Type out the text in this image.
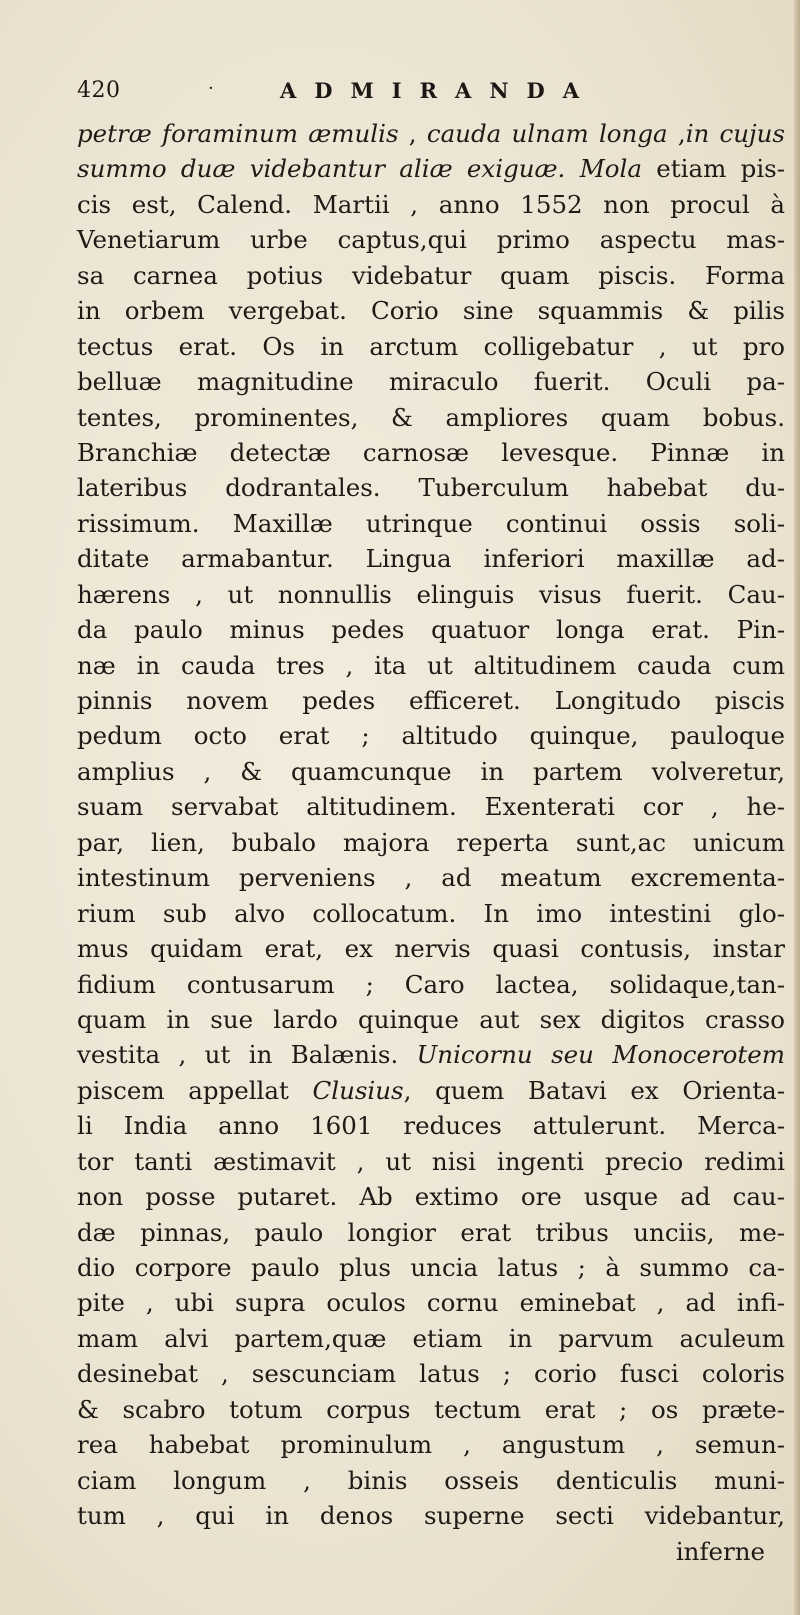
420	·	ADMIRANDA
petræ foraminum æmulis , cauda ulnam longa ,in cujus
summo duæ videbantur aliæ exiguæ. Mola etiam pis-
cis est, Calend. Martii , anno 1552 non procul à
Venetiarum urbe captus,qui primo aspectu mas-
sa carnea potius videbatur quam piscis. Forma
in orbem vergebat. Corio sine squammis & pilis
tectus erat. Os in arctum colligebatur , ut pro
belluæ magnitudine miraculo fuerit. Oculi pa-
tentes, prominentes, & ampliores quam bobus.
Branchiæ detectæ carnosæ levesque. Pinnæ in
lateribus dodrantales. Tuberculum habebat du-
rissimum. Maxillæ utrinque continui ossis soli-
ditate armabantur. Lingua inferiori maxillæ ad-
hærens , ut nonnullis elinguis visus fuerit. Cau-
da paulo minus pedes quatuor longa erat. Pin-
næ in cauda tres , ita ut altitudinem cauda cum
pinnis novem pedes efficeret. Longitudo piscis
pedum octo erat ; altitudo quinque, pauloque
amplius , & quamcunque in partem volveretur,
suam servabat altitudinem. Exenterati cor , he-
par, lien, bubalo majora reperta sunt,ac unicum
intestinum perveniens , ad meatum excrementa-
rium sub alvo collocatum. In imo intestini glo-
mus quidam erat, ex nervis quasi contusis, instar
fidium contusarum ; Caro lactea, solidaque,tan-
quam in sue lardo quinque aut sex digitos crasso
vestita , ut in Balænis. Unicornu seu Monocerotem
piscem appellat Clusius, quem Batavi ex Orienta-
li India anno 1601 reduces attulerunt. Merca-
tor tanti æstimavit , ut nisi ingenti precio redimi
non posse putaret. Ab extimo ore usque ad cau-
dæ pinnas, paulo longior erat tribus unciis, me-
dio corpore paulo plus uncia latus ; à summo ca-
pite , ubi supra oculos cornu eminebat , ad infi-
mam alvi partem,quæ etiam in parvum aculeum
desinebat , sescunciam latus ; corio fusci coloris
& scabro totum corpus tectum erat ; os præte-
rea habebat prominulum , angustum , semun-
ciam longum , binis osseis denticulis muni-
tum , qui in denos superne secti videbantur,
inferne
